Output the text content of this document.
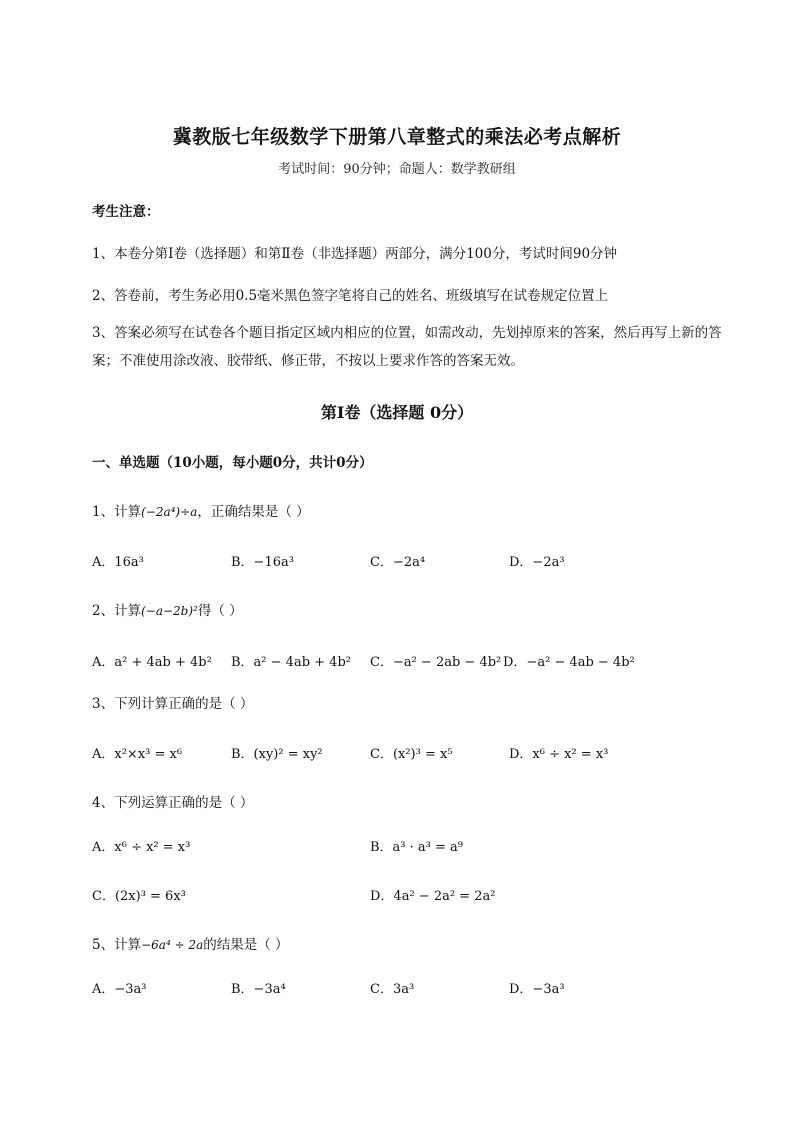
冀教版七年级数学下册第八章整式的乘法必考点解析
考试时间：90分钟；命题人：数学教研组
考生注意：
1、本卷分第I卷（选择题）和第Ⅱ卷（非选择题）两部分，满分100分，考试时间90分钟
2、答卷前，考生务必用0.5毫米黑色签字笔将自己的姓名、班级填写在试卷规定位置上
3、答案必须写在试卷各个题目指定区域内相应的位置，如需改动，先划掉原来的答案，然后再写上新的答案；不准使用涂改液、胶带纸、修正带，不按以上要求作答的答案无效。
第I卷（选择题 0分）
一、单选题（10小题，每小题0分，共计0分）
1、计算(−2a⁴)÷a，正确结果是（ ）
A．16a³	B．−16a³	C．−2a⁴	D．−2a³
2、计算(−a−2b)²得（ ）
A．a² + 4ab + 4b² B．a² − 4ab + 4b² C．−a² − 2ab − 4b² D．−a² − 4ab − 4b²
3、下列计算正确的是（ ）
A．x²×x³ = x⁶	B．(xy)² = xy²	C．(x²)³ = x⁵	D．x⁶ ÷ x² = x³
4、下列运算正确的是（ ）
A．x⁶ ÷ x² = x³	B．a³ · a³ = a⁹
C．(2x)³ = 6x³	D．4a² − 2a² = 2a²
5、计算−6a⁴ ÷ 2a的结果是（ ）
A．−3a³	B．−3a⁴	C．3a³	D．−3a³
